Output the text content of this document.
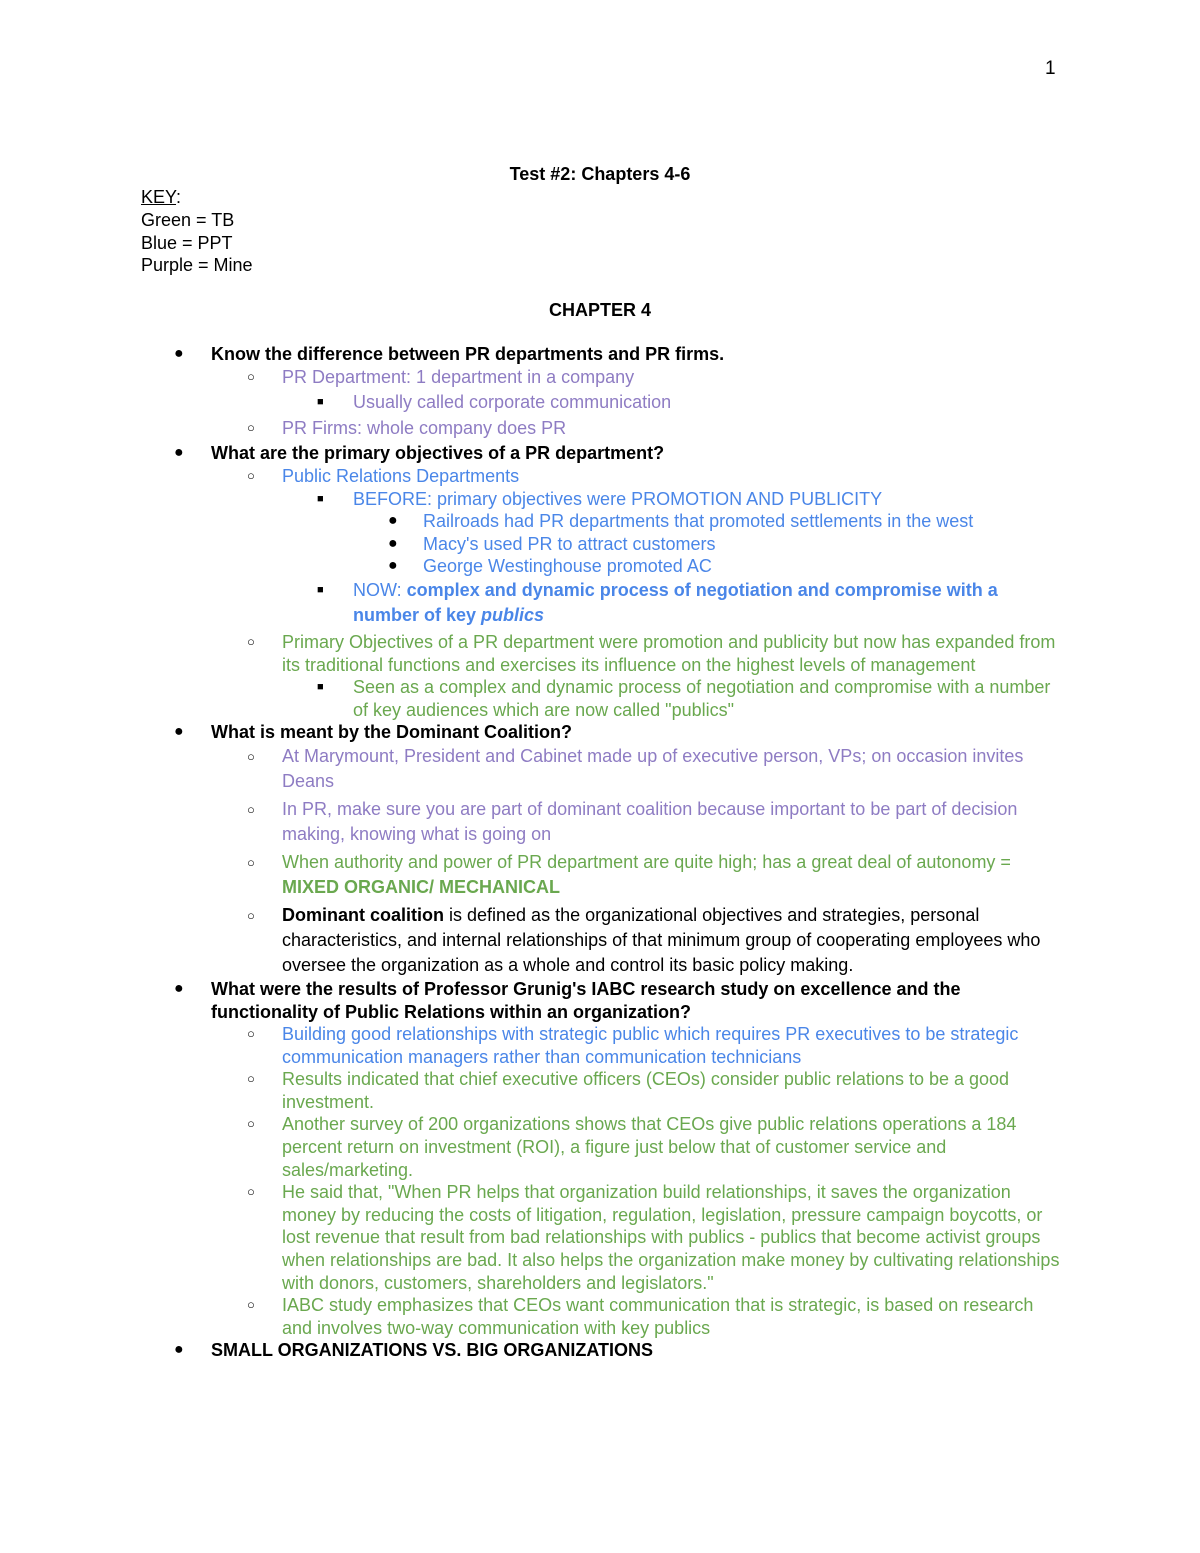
1
Test #2: Chapters 4-6
KEY:
Green = TB
Blue = PPT
Purple = Mine
CHAPTER 4
● Know the difference between PR departments and PR firms.
○ PR Department: 1 department in a company
■ Usually called corporate communication
○ PR Firms: whole company does PR
● What are the primary objectives of a PR department?
○ Public Relations Departments
■ BEFORE: primary objectives were PROMOTION AND PUBLICITY
● Railroads had PR departments that promoted settlements in the west
● Macy's used PR to attract customers
● George Westinghouse promoted AC
■ NOW: complex and dynamic process of negotiation and compromise with a number of key publics
○ Primary Objectives of a PR department were promotion and publicity but now has expanded from its traditional functions and exercises its influence on the highest levels of management
■ Seen as a complex and dynamic process of negotiation and compromise with a number of key audiences which are now called "publics"
● What is meant by the Dominant Coalition?
○ At Marymount, President and Cabinet made up of executive person, VPs; on occasion invites Deans
○ In PR, make sure you are part of dominant coalition because important to be part of decision making, knowing what is going on
○ When authority and power of PR department are quite high; has a great deal of autonomy = MIXED ORGANIC/ MECHANICAL
○ Dominant coalition is defined as the organizational objectives and strategies, personal characteristics, and internal relationships of that minimum group of cooperating employees who oversee the organization as a whole and control its basic policy making.
● What were the results of Professor Grunig's IABC research study on excellence and the functionality of Public Relations within an organization?
○ Building good relationships with strategic public which requires PR executives to be strategic communication managers rather than communication technicians
○ Results indicated that chief executive officers (CEOs) consider public relations to be a good investment.
○ Another survey of 200 organizations shows that CEOs give public relations operations a 184 percent return on investment (ROI), a figure just below that of customer service and sales/marketing.
○ He said that, "When PR helps that organization build relationships, it saves the organization money by reducing the costs of litigation, regulation, legislation, pressure campaign boycotts, or lost revenue that result from bad relationships with publics - publics that become activist groups when relationships are bad. It also helps the organization make money by cultivating relationships with donors, customers, shareholders and legislators."
○ IABC study emphasizes that CEOs want communication that is strategic, is based on research and involves two-way communication with key publics
● SMALL ORGANIZATIONS VS. BIG ORGANIZATIONS
